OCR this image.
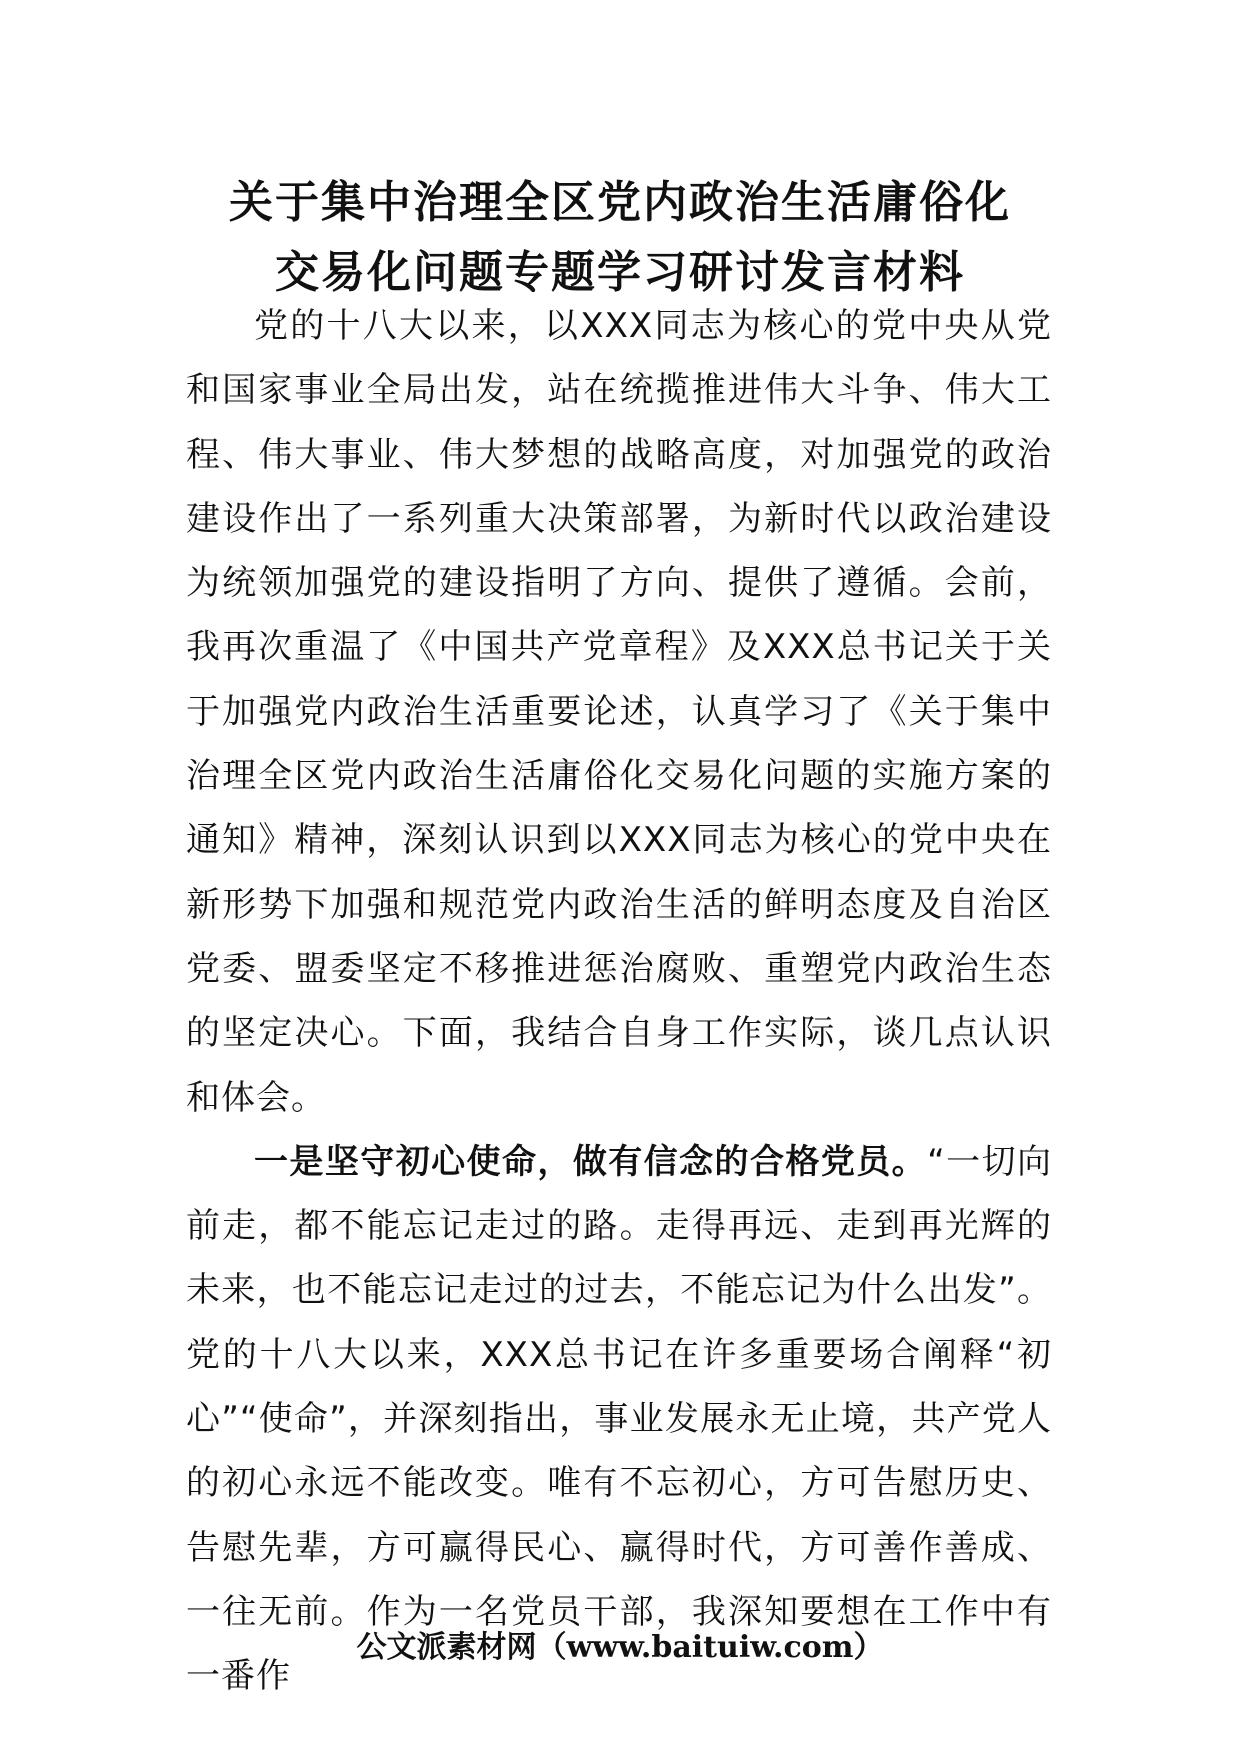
关于集中治理全区党内政治生活庸俗化
交易化问题专题学习研讨发言材料

党的十八大以来，以XXX同志为核心的党中央从党和国家事业全局出发，站在统揽推进伟大斗争、伟大工程、伟大事业、伟大梦想的战略高度，对加强党的政治建设作出了一系列重大决策部署，为新时代以政治建设为统领加强党的建设指明了方向、提供了遵循。会前，我再次重温了《中国共产党章程》及XXX总书记关于关于加强党内政治生活重要论述，认真学习了《关于集中治理全区党内政治生活庸俗化交易化问题的实施方案的通知》精神，深刻认识到以XXX同志为核心的党中央在新形势下加强和规范党内政治生活的鲜明态度及自治区党委、盟委坚定不移推进惩治腐败、重塑党内政治生态的坚定决心。下面，我结合自身工作实际，谈几点认识和体会。

一是坚守初心使命，做有信念的合格党员。“一切向前走，都不能忘记走过的路。走得再远、走到再光辉的未来，也不能忘记走过的过去，不能忘记为什么出发”。党的十八大以来，XXX总书记在许多重要场合阐释“初心”“使命”，并深刻指出，事业发展永无止境，共产党人的初心永远不能改变。唯有不忘初心，方可告慰历史、告慰先辈，方可赢得民心、赢得时代，方可善作善成、一往无前。作为一名党员干部，我深知要想在工作中有一番作

公文派素材网（www.baituiw.com）
